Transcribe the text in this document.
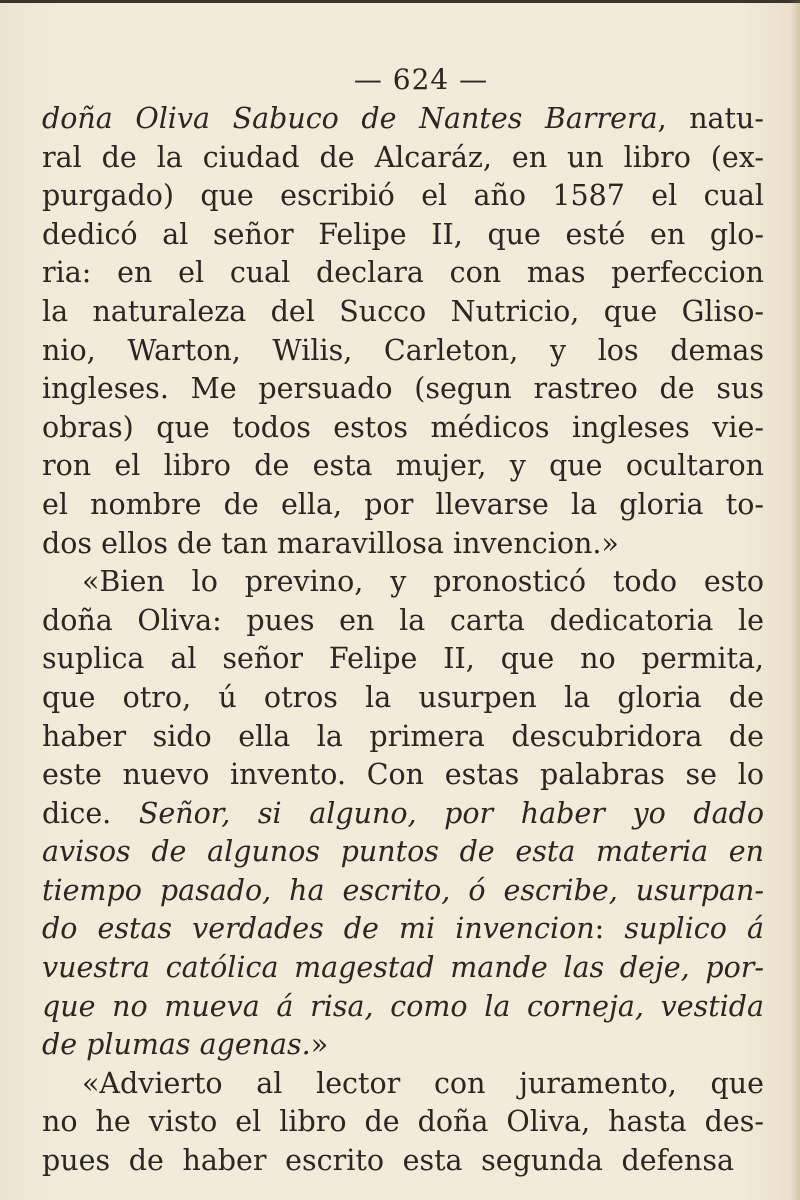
— 624 —
doña Oliva Sabuco de Nantes Barrera, natu-
ral de la ciudad de Alcaráz, en un libro (ex-
purgado) que escribió el año 1587 el cual
dedicó al señor Felipe II, que esté en glo-
ria: en el cual declara con mas perfeccion
la naturaleza del Succo Nutricio, que Gliso-
nio, Warton, Wilis, Carleton, y los demas
ingleses. Me persuado (segun rastreo de sus
obras) que todos estos médicos ingleses vie-
ron el libro de esta mujer, y que ocultaron
el nombre de ella, por llevarse la gloria to-
dos ellos de tan maravillosa invencion.»
«Bien lo previno, y pronosticó todo esto
doña Oliva: pues en la carta dedicatoria le
suplica al señor Felipe II, que no permita,
que otro, ú otros la usurpen la gloria de
haber sido ella la primera descubridora de
este nuevo invento. Con estas palabras se lo
dice. Señor, si alguno, por haber yo dado
avisos de algunos puntos de esta materia en
tiempo pasado, ha escrito, ó escribe, usurpan-
do estas verdades de mi invencion: suplico á
vuestra católica magestad mande las deje, por-
que no mueva á risa, como la corneja, vestida
de plumas agenas.»
«Advierto al lector con juramento, que
no he visto el libro de doña Oliva, hasta des-
pues de haber escrito esta segunda defensa
